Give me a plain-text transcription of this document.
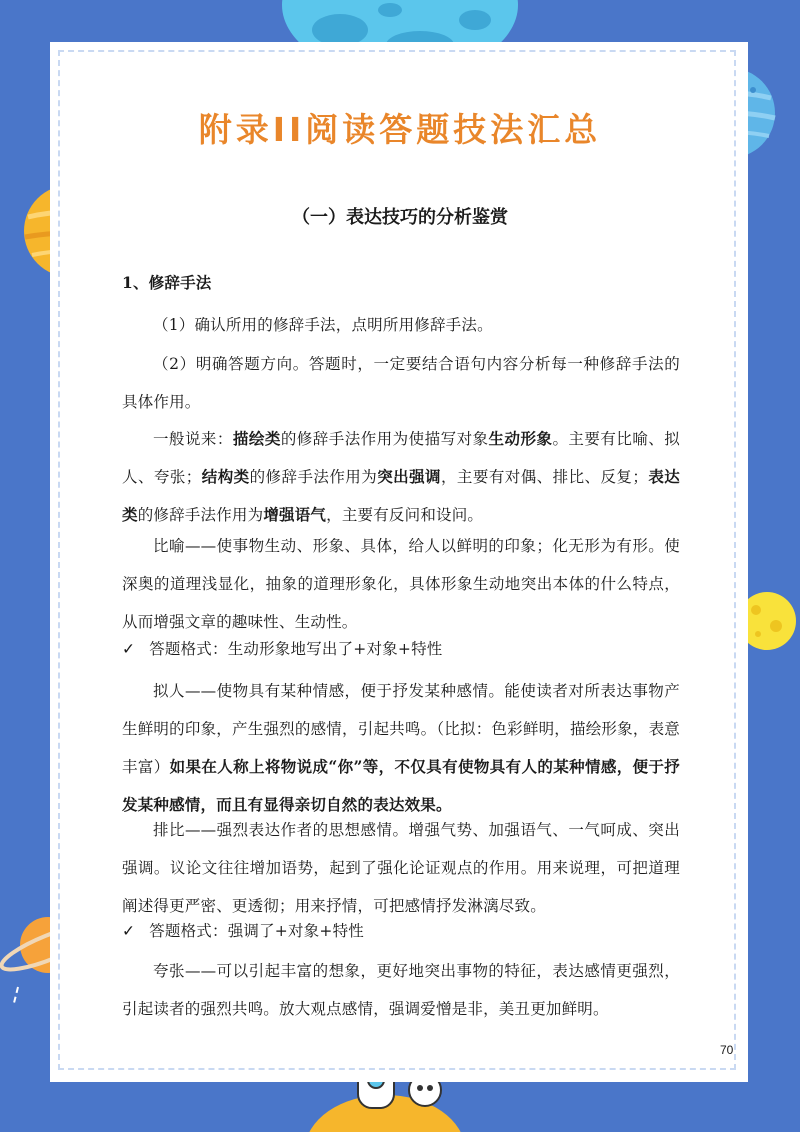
附录II阅读答题技法汇总
（一）表达技巧的分析鉴赏
1、修辞手法
（1）确认所用的修辞手法，点明所用修辞手法。
（2）明确答题方向。答题时，一定要结合语句内容分析每一种修辞手法的具体作用。
一般说来：描绘类的修辞手法作用为使描写对象生动形象。主要有比喻、拟人、夸张；结构类的修辞手法作用为突出强调，主要有对偶、排比、反复；表达类的修辞手法作用为增强语气，主要有反问和设问。
比喻——使事物生动、形象、具体，给人以鲜明的印象；化无形为有形。使深奥的道理浅显化，抽象的道理形象化，具体形象生动地突出本体的什么特点，从而增强文章的趣味性、生动性。
✓ 答题格式：生动形象地写出了+对象+特性
拟人——使物具有某种情感，便于抒发某种感情。能使读者对所表达事物产生鲜明的印象，产生强烈的感情，引起共鸣。（比拟：色彩鲜明，描绘形象，表意丰富）如果在人称上将物说成“你”等，不仅具有使物具有人的某种情感，便于抒发某种感情，而且有显得亲切自然的表达效果。
排比——强烈表达作者的思想感情。增强气势、加强语气、一气呵成、突出强调。议论文往往增加语势，起到了强化论证观点的作用。用来说理，可把道理阐述得更严密、更透彻；用来抒情，可把感情抒发淋漓尽致。
✓ 答题格式：强调了+对象+特性
夸张——可以引起丰富的想象，更好地突出事物的特征，表达感情更强烈，引起读者的强烈共鸣。放大观点感情，强调爱憎是非，美丑更加鲜明。
70
